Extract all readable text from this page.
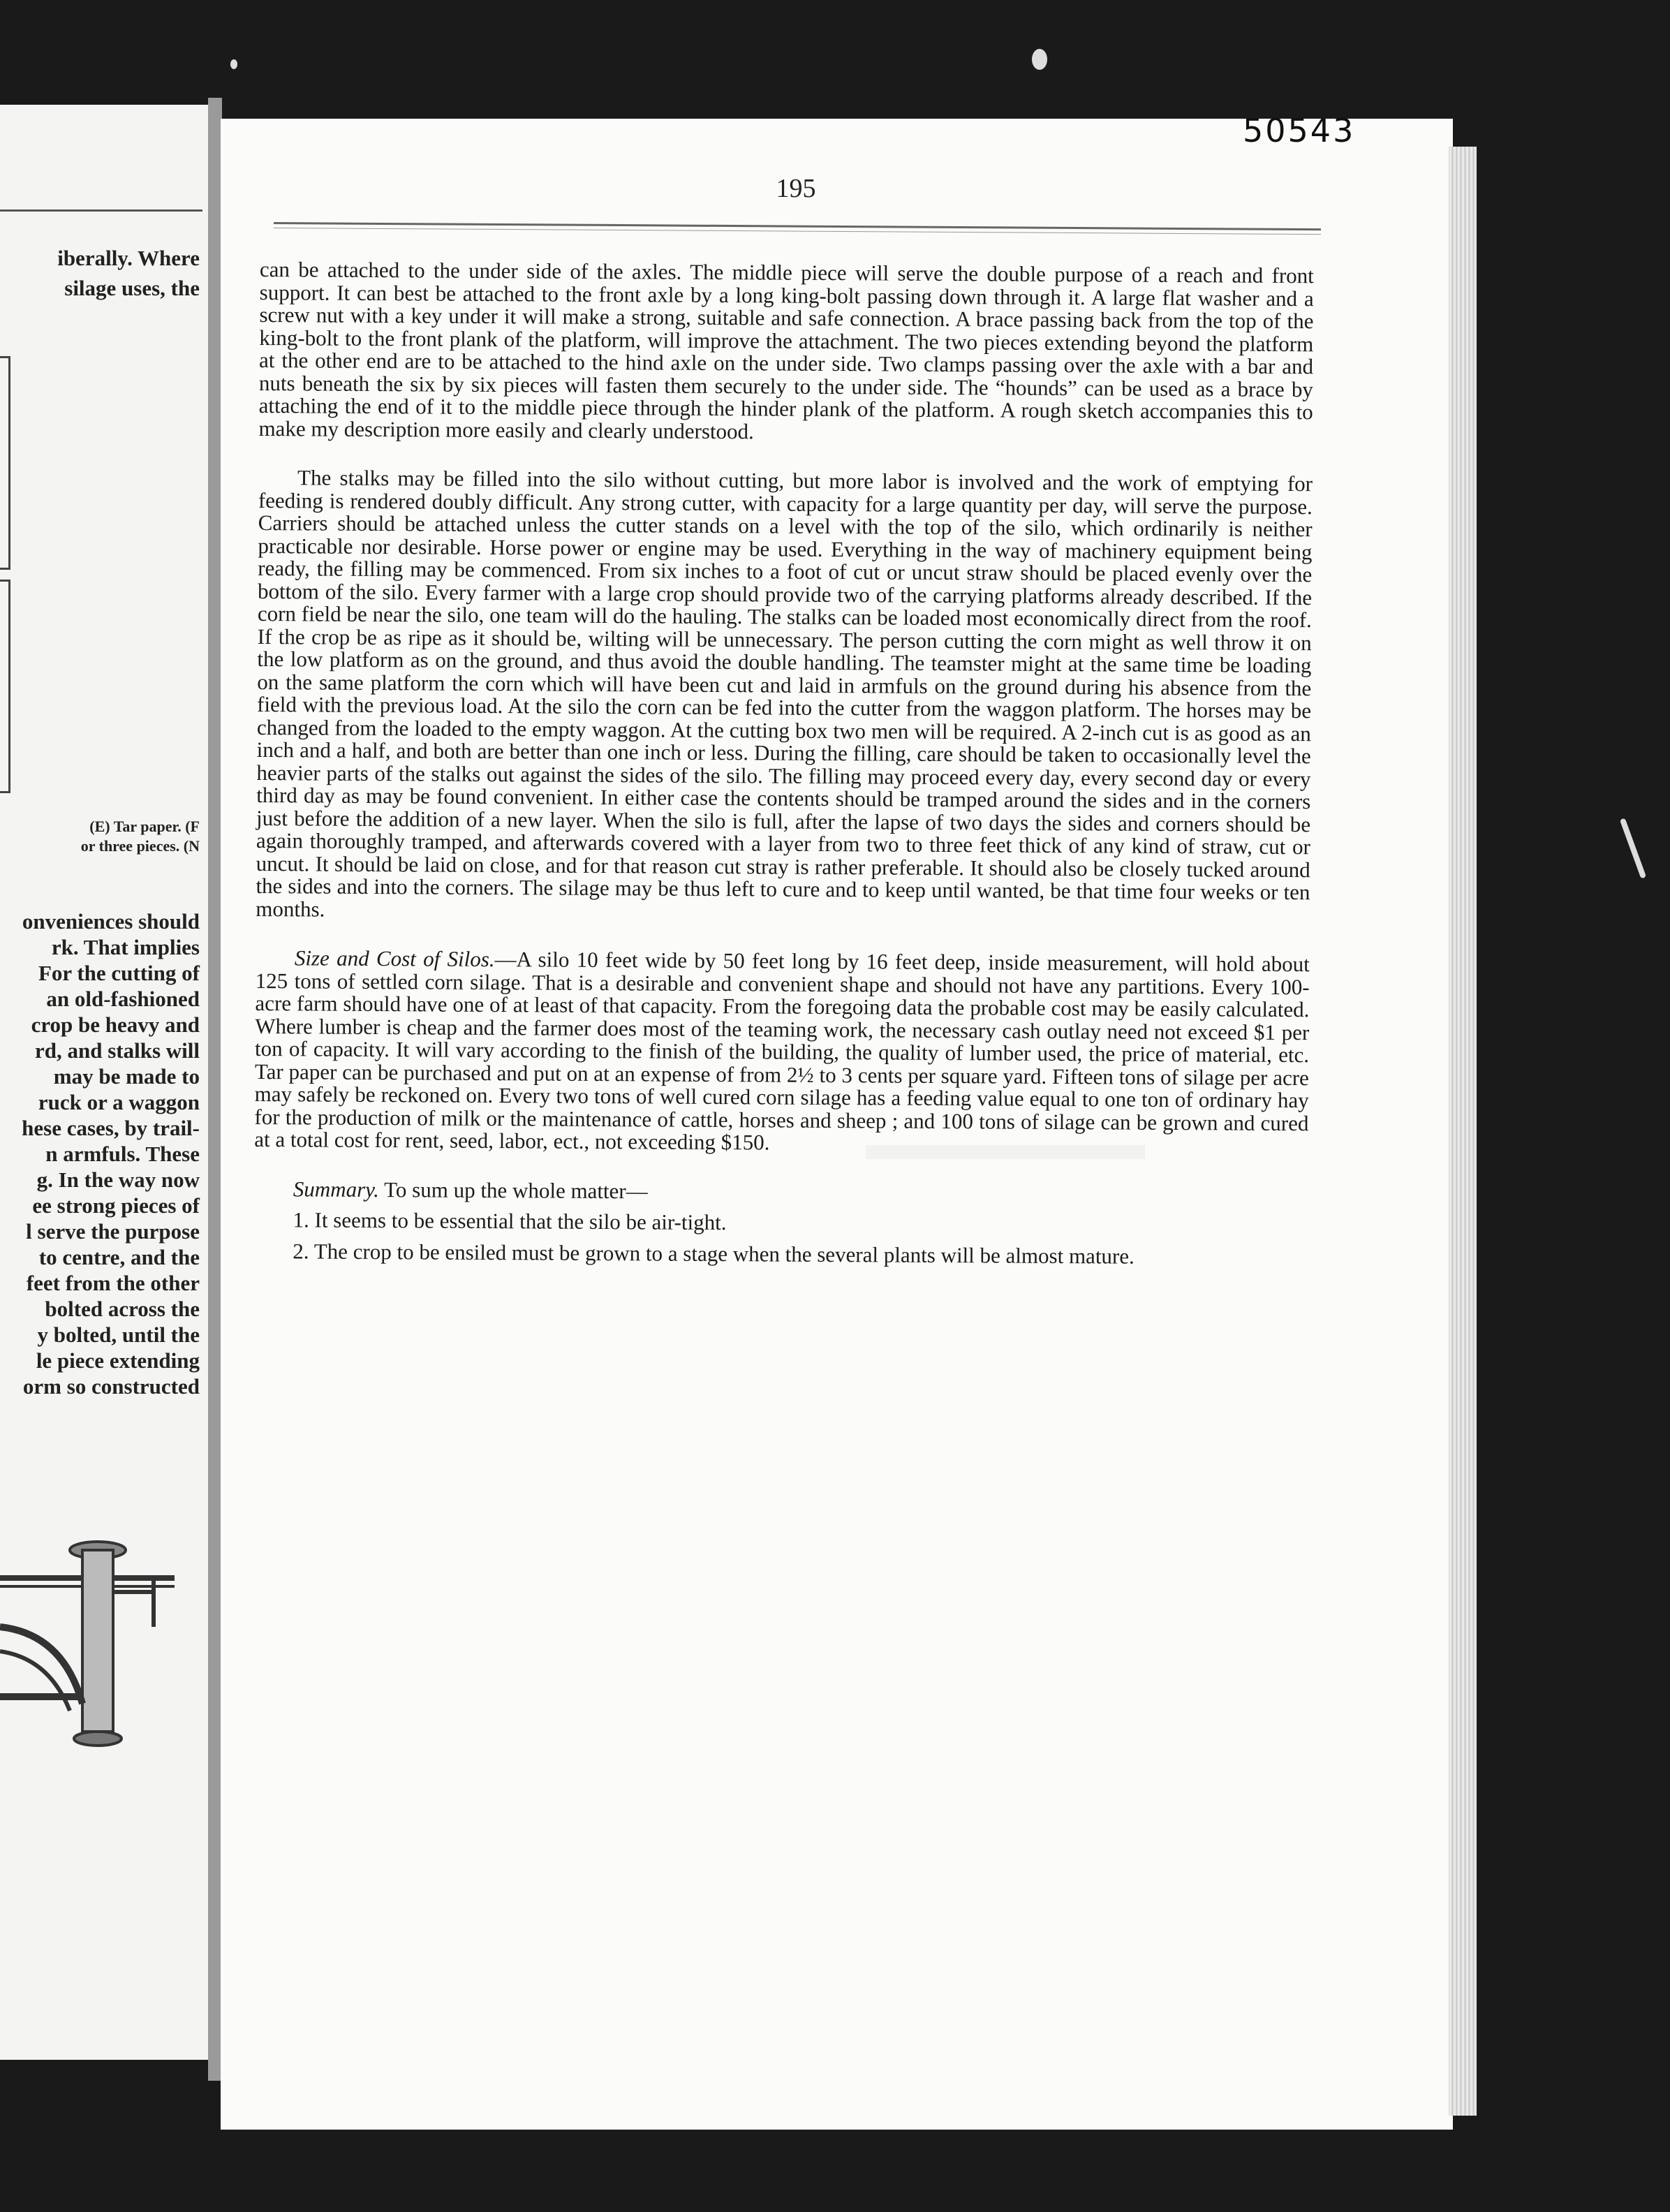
iberally. Where
silage uses, the
(E) Tar paper. (F
or three pieces. (N
onveniences should
rk. That implies
For the cutting of
an old-fashioned
crop be heavy and
rd, and stalks will
may be made to
ruck or a waggon
hese cases, by trail-
n armfuls. These
g. In the way now
ee strong pieces of
l serve the purpose
to centre, and the
feet from the other
bolted across the
y bolted, until the
le piece extending
orm so constructed
50543
195

can be attached to the under side of the axles. The middle piece will serve the double purpose of a reach and front support. It can best be attached to the front axle by a long king-bolt passing down through it. A large flat washer and a screw nut with a key under it will make a strong, suitable and safe connection. A brace passing back from the top of the king-bolt to the front plank of the platform, will improve the attachment. The two pieces extending beyond the platform at the other end are to be attached to the hind axle on the under side. Two clamps passing over the axle with a bar and nuts beneath the six by six pieces will fasten them securely to the under side. The “hounds” can be used as a brace by attaching the end of it to the middle piece through the hinder plank of the platform. A rough sketch accompanies this to make my description more easily and clearly understood.

The stalks may be filled into the silo without cutting, but more labor is involved and the work of emptying for feeding is rendered doubly difficult. Any strong cutter, with capacity for a large quantity per day, will serve the purpose. Carriers should be attached unless the cutter stands on a level with the top of the silo, which ordinarily is neither practicable nor desirable. Horse power or engine may be used. Everything in the way of machinery equipment being ready, the filling may be commenced. From six inches to a foot of cut or uncut straw should be placed evenly over the bottom of the silo. Every farmer with a large crop should provide two of the carrying platforms already described. If the corn field be near the silo, one team will do the hauling. The stalks can be loaded most economically direct from the roof. If the crop be as ripe as it should be, wilting will be unnecessary. The person cutting the corn might as well throw it on the low platform as on the ground, and thus avoid the double handling. The teamster might at the same time be loading on the same platform the corn which will have been cut and laid in armfuls on the ground during his absence from the field with the previous load. At the silo the corn can be fed into the cutter from the waggon platform. The horses may be changed from the loaded to the empty waggon. At the cutting box two men will be required. A 2-inch cut is as good as an inch and a half, and both are better than one inch or less. During the filling, care should be taken to occasionally level the heavier parts of the stalks out against the sides of the silo. The filling may proceed every day, every second day or every third day as may be found convenient. In either case the contents should be tramped around the sides and in the corners just before the addition of a new layer. When the silo is full, after the lapse of two days the sides and corners should be again thoroughly tramped, and afterwards covered with a layer from two to three feet thick of any kind of straw, cut or uncut. It should be laid on close, and for that reason cut stray is rather preferable. It should also be closely tucked around the sides and into the corners. The silage may be thus left to cure and to keep until wanted, be that time four weeks or ten months.

Size and Cost of Silos.—A silo 10 feet wide by 50 feet long by 16 feet deep, inside measurement, will hold about 125 tons of settled corn silage. That is a desirable and convenient shape and should not have any partitions. Every 100-acre farm should have one of at least of that capacity. From the foregoing data the probable cost may be easily calculated. Where lumber is cheap and the farmer does most of the teaming work, the necessary cash outlay need not exceed $1 per ton of capacity. It will vary according to the finish of the building, the quality of lumber used, the price of material, etc. Tar paper can be purchased and put on at an expense of from 2½ to 3 cents per square yard. Fifteen tons of silage per acre may safely be reckoned on. Every two tons of well cured corn silage has a feeding value equal to one ton of ordinary hay for the production of milk or the maintenance of cattle, horses and sheep ; and 100 tons of silage can be grown and cured at a total cost for rent, seed, labor, ect., not exceeding $150.

Summary. To sum up the whole matter—

1. It seems to be essential that the silo be air-tight.

2. The crop to be ensiled must be grown to a stage when the several plants will be almost mature.
